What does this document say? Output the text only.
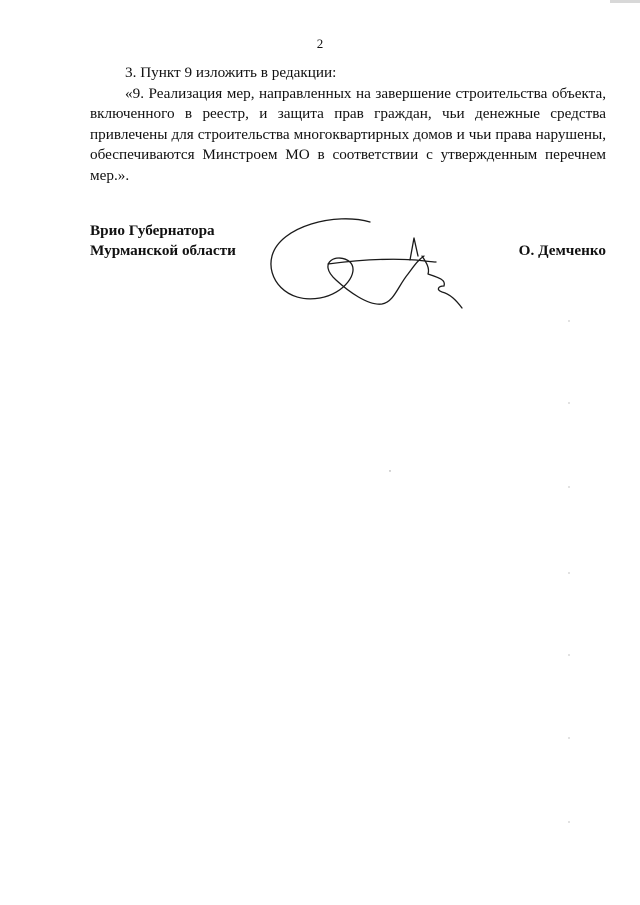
2

3. Пункт 9 изложить в редакции:

«9. Реализация мер, направленных на завершение строительства объекта, включенного в реестр, и защита прав граждан, чьи денежные средства привлечены для строительства многоквартирных домов и чьи права нарушены, обеспечиваются Минстроем МО в соответствии с утвержденным перечнем мер.».

Врио Губернатора
Мурманской области	О. Демченко
